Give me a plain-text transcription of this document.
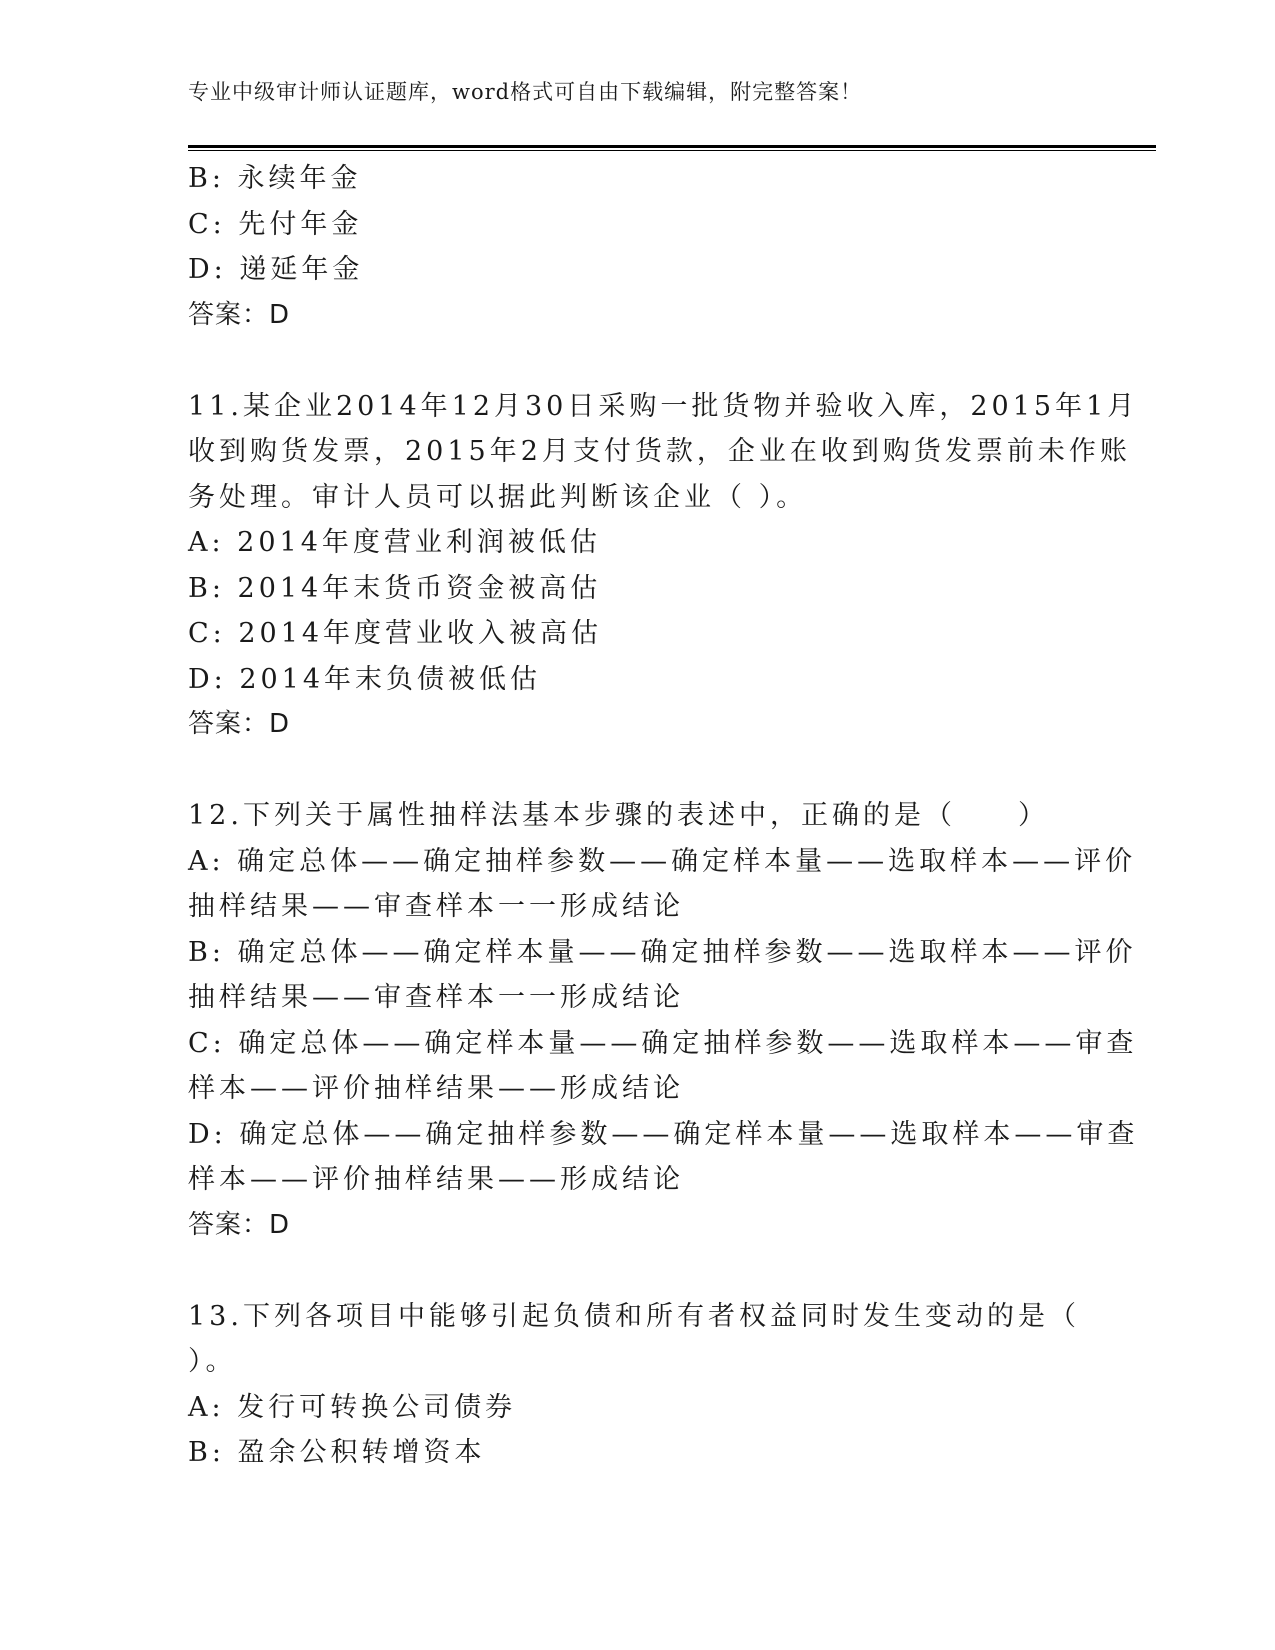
专业中级审计师认证题库，word格式可自由下载编辑，附完整答案！
B: 永续年金
C: 先付年金
D: 递延年金
答案：D
11.某企业2014年12月30日采购一批货物并验收入库，2015年1月
收到购货发票，2015年2月支付货款，企业在收到购货发票前未作账
务处理。审计人员可以据此判断该企业（ ）。
A: 2014年度营业利润被低估
B: 2014年末货币资金被高估
C: 2014年度营业收入被高估
D: 2014年末负债被低估
答案：D
12.下列关于属性抽样法基本步骤的表述中，正确的是（　　）
A: 确定总体——确定抽样参数——确定样本量——选取样本——评价
抽样结果——审查样本一一形成结论
B: 确定总体——确定样本量——确定抽样参数——选取样本——评价
抽样结果——审查样本一一形成结论
C: 确定总体——确定样本量——确定抽样参数——选取样本——审查
样本——评价抽样结果——形成结论
D: 确定总体——确定抽样参数——确定样本量——选取样本——审查
样本——评价抽样结果——形成结论
答案：D
13.下列各项目中能够引起负债和所有者权益同时发生变动的是（
）。
A: 发行可转换公司债券
B: 盈余公积转增资本
